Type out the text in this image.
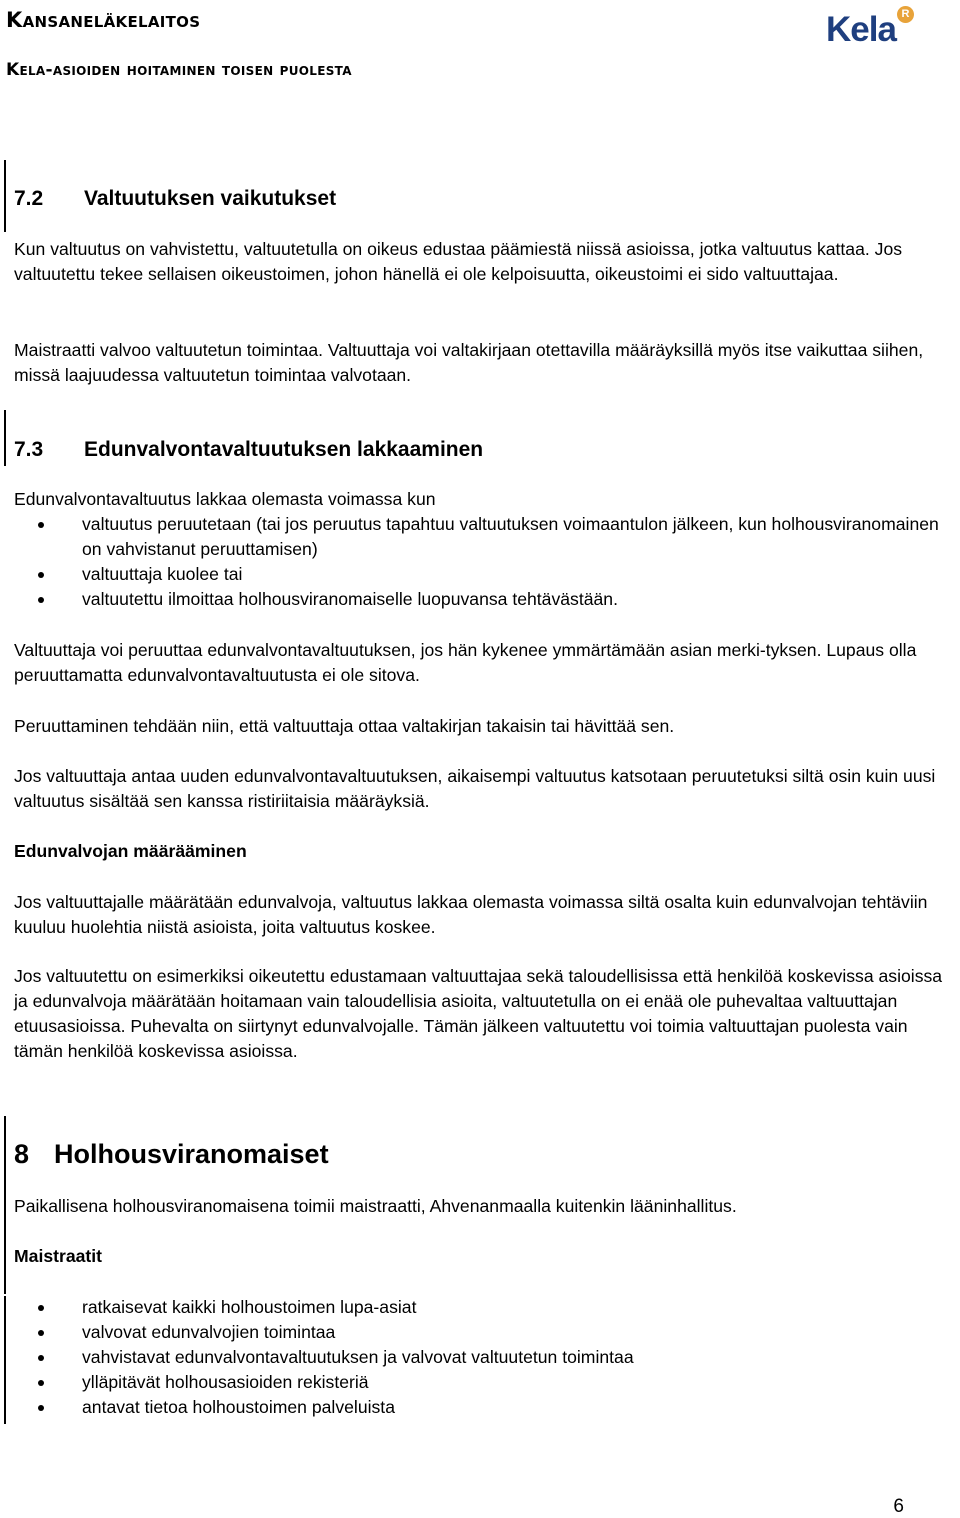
Kansaneläkelaitos
Kela-asioiden hoitaminen toisen puolesta
Kela R
7.2	Valtuutuksen vaikutukset

Kun valtuutus on vahvistettu, valtuutetulla on oikeus edustaa päämiestä niissä asioissa, jotka valtuutus kattaa. Jos valtuutettu tekee sellaisen oikeustoimen, johon hänellä ei ole kelpoisuutta, oikeustoimi ei sido valtuuttajaa.

Maistraatti valvoo valtuutetun toimintaa. Valtuuttaja voi valtakirjaan otettavilla määräyksillä myös itse vaikuttaa siihen, missä laajuudessa valtuutetun toimintaa valvotaan.

7.3	Edunvalvontavaltuutuksen lakkaaminen

Edunvalvontavaltuutus lakkaa olemasta voimassa kun

valtuutus peruutetaan (tai jos peruutus tapahtuu valtuutuksen voimaantulon jälkeen, kun holhousviranomainen on vahvistanut peruuttamisen)
valtuuttaja kuolee tai
valtuutettu ilmoittaa holhousviranomaiselle luopuvansa tehtävästään.

Valtuuttaja voi peruuttaa edunvalvontavaltuutuksen, jos hän kykenee ymmärtämään asian merki-tyksen. Lupaus olla peruuttamatta edunvalvontavaltuutusta ei ole sitova.

Peruuttaminen tehdään niin, että valtuuttaja ottaa valtakirjan takaisin tai hävittää sen.

Jos valtuuttaja antaa uuden edunvalvontavaltuutuksen, aikaisempi valtuutus katsotaan peruutetuksi siltä osin kuin uusi valtuutus sisältää sen kanssa ristiriitaisia määräyksiä.

Edunvalvojan määrääminen

Jos valtuuttajalle määrätään edunvalvoja, valtuutus lakkaa olemasta voimassa siltä osalta kuin edunvalvojan tehtäviin kuuluu huolehtia niistä asioista, joita valtuutus koskee.

Jos valtuutettu on esimerkiksi oikeutettu edustamaan valtuuttajaa sekä taloudellisissa että henkilöä koskevissa asioissa ja edunvalvoja määrätään hoitamaan vain taloudellisia asioita, valtuutetulla on ei enää ole puhevaltaa valtuuttajan etuusasioissa. Puhevalta on siirtynyt edunvalvojalle. Tämän jälkeen valtuutettu voi toimia valtuuttajan puolesta vain tämän henkilöä koskevissa asioissa.

8 Holhousviranomaiset

Paikallisena holhousviranomaisena toimii maistraatti, Ahvenanmaalla kuitenkin lääninhallitus.

Maistraatit

ratkaisevat kaikki holhoustoimen lupa-asiat
valvovat edunvalvojien toimintaa
vahvistavat edunvalvontavaltuutuksen ja valvovat valtuutetun toimintaa
ylläpitävät holhousasioiden rekisteriä
antavat tietoa holhoustoimen palveluista
6
